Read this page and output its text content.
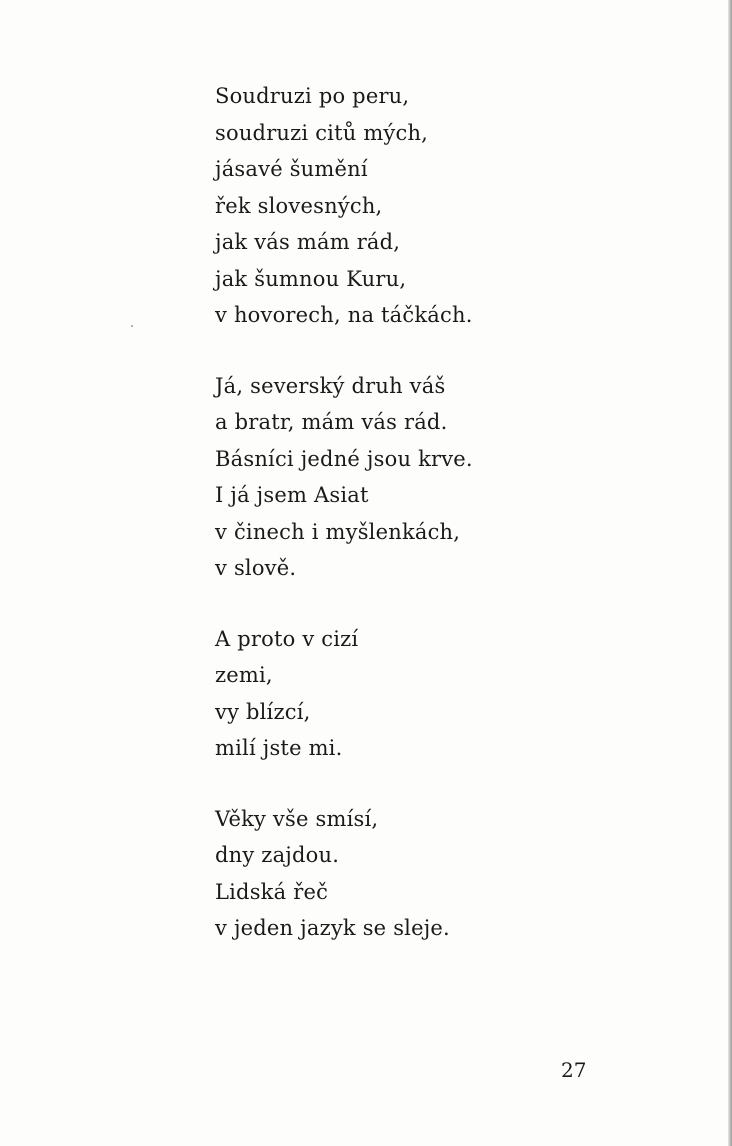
Soudruzi po peru,
soudruzi citů mých,
jásavé šumění
řek slovesných,
jak vás mám rád,
jak šumnou Kuru,
v hovorech, na táčkách.
Já, severský druh váš
a bratr, mám vás rád.
Básníci jedné jsou krve.
I já jsem Asiat
v činech i myšlenkách,
v slově.
A proto v cizí
zemi,
vy blízcí,
milí jste mi.
Věky vše smísí,
dny zajdou.
Lidská řeč
v jeden jazyk se sleje.
27
